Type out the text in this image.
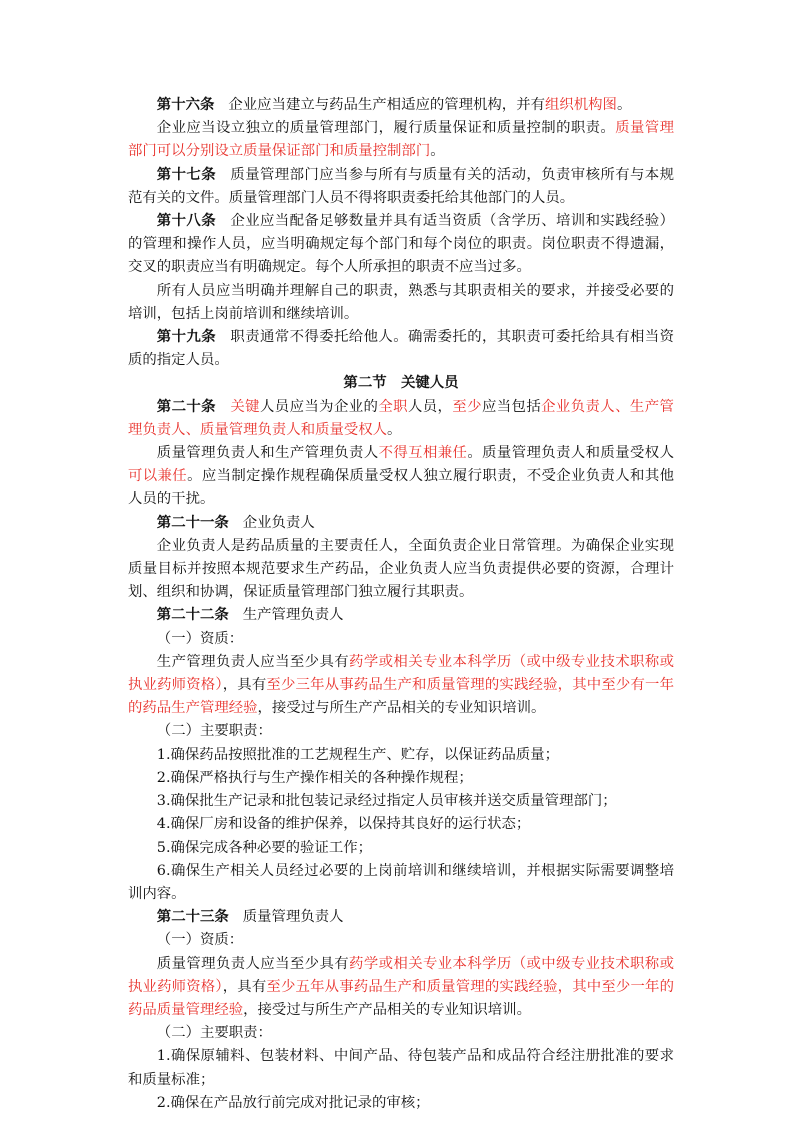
第十六条 企业应当建立与药品生产相适应的管理机构，并有组织机构图。

企业应当设立独立的质量管理部门，履行质量保证和质量控制的职责。质量管理部门可以分别设立质量保证部门和质量控制部门。

第十七条 质量管理部门应当参与所有与质量有关的活动，负责审核所有与本规范有关的文件。质量管理部门人员不得将职责委托给其他部门的人员。

第十八条 企业应当配备足够数量并具有适当资质（含学历、培训和实践经验）的管理和操作人员，应当明确规定每个部门和每个岗位的职责。岗位职责不得遗漏，交叉的职责应当有明确规定。每个人所承担的职责不应当过多。

所有人员应当明确并理解自己的职责，熟悉与其职责相关的要求，并接受必要的培训，包括上岗前培训和继续培训。

第十九条 职责通常不得委托给他人。确需委托的，其职责可委托给具有相当资质的指定人员。

第二节　关键人员

第二十条 关键人员应当为企业的全职人员，至少应当包括企业负责人、生产管理负责人、质量管理负责人和质量受权人。

质量管理负责人和生产管理负责人不得互相兼任。质量管理负责人和质量受权人可以兼任。应当制定操作规程确保质量受权人独立履行职责，不受企业负责人和其他人员的干扰。

第二十一条 企业负责人

企业负责人是药品质量的主要责任人，全面负责企业日常管理。为确保企业实现质量目标并按照本规范要求生产药品，企业负责人应当负责提供必要的资源，合理计划、组织和协调，保证质量管理部门独立履行其职责。

第二十二条 生产管理负责人

（一）资质：

生产管理负责人应当至少具有药学或相关专业本科学历（或中级专业技术职称或执业药师资格），具有至少三年从事药品生产和质量管理的实践经验，其中至少有一年的药品生产管理经验，接受过与所生产产品相关的专业知识培训。

（二）主要职责：

1.确保药品按照批准的工艺规程生产、贮存，以保证药品质量；

2.确保严格执行与生产操作相关的各种操作规程；

3.确保批生产记录和批包装记录经过指定人员审核并送交质量管理部门；

4.确保厂房和设备的维护保养，以保持其良好的运行状态；

5.确保完成各种必要的验证工作；

6.确保生产相关人员经过必要的上岗前培训和继续培训，并根据实际需要调整培训内容。

第二十三条 质量管理负责人

（一）资质：

质量管理负责人应当至少具有药学或相关专业本科学历（或中级专业技术职称或执业药师资格），具有至少五年从事药品生产和质量管理的实践经验，其中至少一年的药品质量管理经验，接受过与所生产产品相关的专业知识培训。

（二）主要职责：

1.确保原辅料、包装材料、中间产品、待包装产品和成品符合经注册批准的要求和质量标准；

2.确保在产品放行前完成对批记录的审核；
